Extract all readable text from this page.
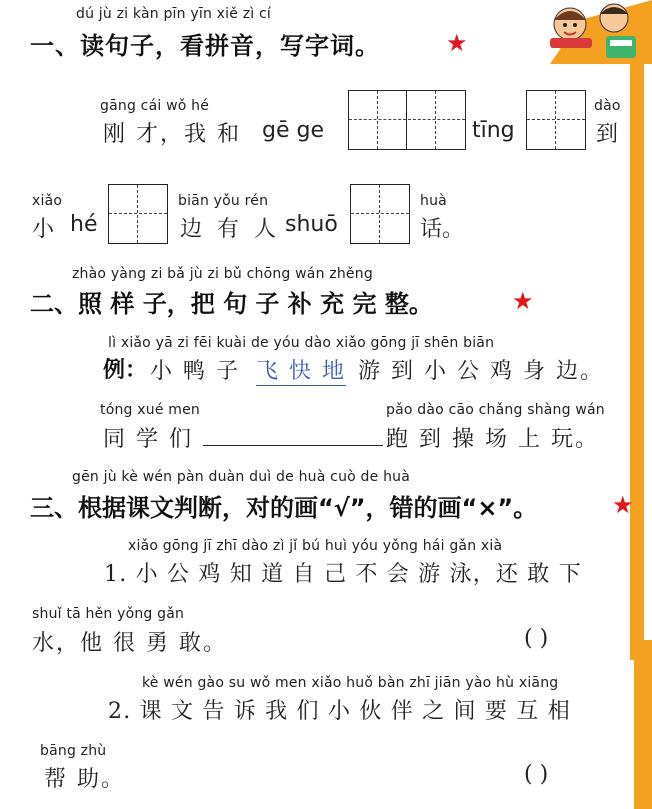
dú jù zi kàn pīn yīn xiě zì cí
一、读句子，看拼音，写字词。	★
gāng cái wǒ hé
刚 才，我 和 gē ge	tīng
dào
到
xiǎo
小 hé
biān yǒu rén
边 有 人 shuō
huà
话。
zhào yàng zi bǎ jù zi bǔ chōng wán zhěng
二、照 样 子，把 句 子 补 充 完 整。	★
lì xiǎo yā zi fēi kuài de yóu dào xiǎo gōng jī shēn biān
例： 小 鸭 子 飞 快 地 游 到 小 公 鸡 身 边。
tóng xué men
同 学 们
pǎo dào cāo chǎng shàng wán
跑 到 操 场 上 玩。
gēn jù kè wén pàn duàn duì de huà cuò de huà
三、根据课文判断，对的画“√”，错的画“×”。	★
xiǎo gōng jī zhī dào zì jǐ bú huì yóu yǒng hái gǎn xià
1. 小 公 鸡 知 道 自 己 不 会 游 泳，还 敢 下
shuǐ tā hěn yǒng gǎn
水，他 很 勇 敢。	( )
kè wén gào su wǒ men xiǎo huǒ bàn zhī jiān yào hù xiāng
2. 课 文 告 诉 我 们 小 伙 伴 之 间 要 互 相
bāng zhù
帮 助。	( )
